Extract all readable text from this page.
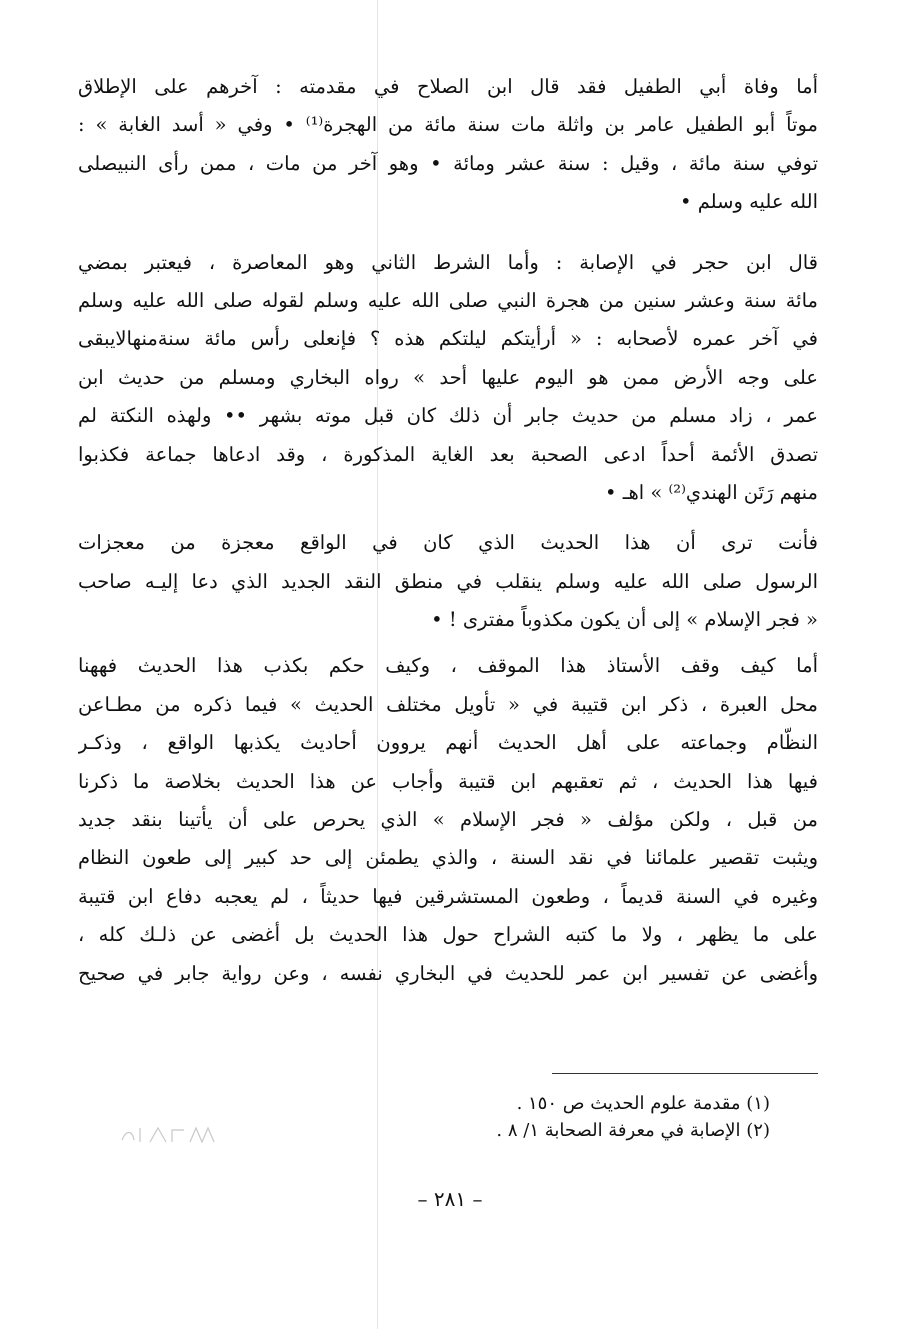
أما وفاة أبي الطفيل فقد قال ابن الصلاح في مقدمته : آخرهم على الإطلاق
موتاً أبو الطفيل عامر بن واثلة مات سنة مائة من الهجرة⁽¹⁾ • وفي « أسد الغابة » :
توفي سنة مائة ، وقيل : سنة عشر ومائة • وهو آخر من مات ، ممن رأى النبيصلى
الله عليه وسلم •
قال ابن حجر في الإصابة : وأما الشرط الثاني وهو المعاصرة ، فيعتبر بمضي
مائة سنة وعشر سنين من هجرة النبي صلى الله عليه وسلم لقوله صلى الله عليه وسلم
في آخر عمره لأصحابه : « أرأيتكم ليلتكم هذه ؟ فإنعلى رأس مائة سنةمنهالايبقى
على وجه الأرض ممن هو اليوم عليها أحد » رواه البخاري ومسلم من حديث ابن
عمر ، زاد مسلم من حديث جابر أن ذلك كان قبل موته بشهر •• ولهذه النكتة لم
تصدق الأئمة أحداً ادعى الصحبة بعد الغاية المذكورة ، وقد ادعاها جماعة فكذبوا
منهم رَتَن الهندي⁽²⁾ » اهـ •
فأنت ترى أن هذا الحديث الذي كان في الواقع معجزة من معجزات
الرسول صلى الله عليه وسلم ينقلب في منطق النقد الجديد الذي دعا إليـه صاحب
« فجر الإسلام » إلى أن يكون مكذوباً مفترى ! •
أما كيف وقف الأستاذ هذا الموقف ، وكيف حكم بكذب هذا الحديث فههنا
محل العبرة ، ذكر ابن قتيبة في « تأويل مختلف الحديث » فيما ذكره من مطـاعن
النظّام وجماعته على أهل الحديث أنهم يروون أحاديث يكذبها الواقع ، وذكـر
فيها هذا الحديث ، ثم تعقبهم ابن قتيبة وأجاب عن هذا الحديث بخلاصة ما ذكرنا
من قبل ، ولكن مؤلف « فجر الإسلام » الذي يحرص على أن يأتينا بنقد جديد
ويثبت تقصير علمائنا في نقد السنة ، والذي يطمئن إلى حد كبير إلى طعون النظام
وغيره في السنة قديماً ، وطعون المستشرقين فيها حديثاً ، لم يعجبه دفاع ابن قتيبة
على ما يظهر ، ولا ما كتبه الشراح حول هذا الحديث بل أغضى عن ذلـك كله ،
وأغضى عن تفسير ابن عمر للحديث في البخاري نفسه ، وعن رواية جابر في صحيح
(١) مقدمة علوم الحديث ص ١٥٠ .
(٢) الإصابة في معرفة الصحابة ١/ ٨ .
– ٢٨١ –
